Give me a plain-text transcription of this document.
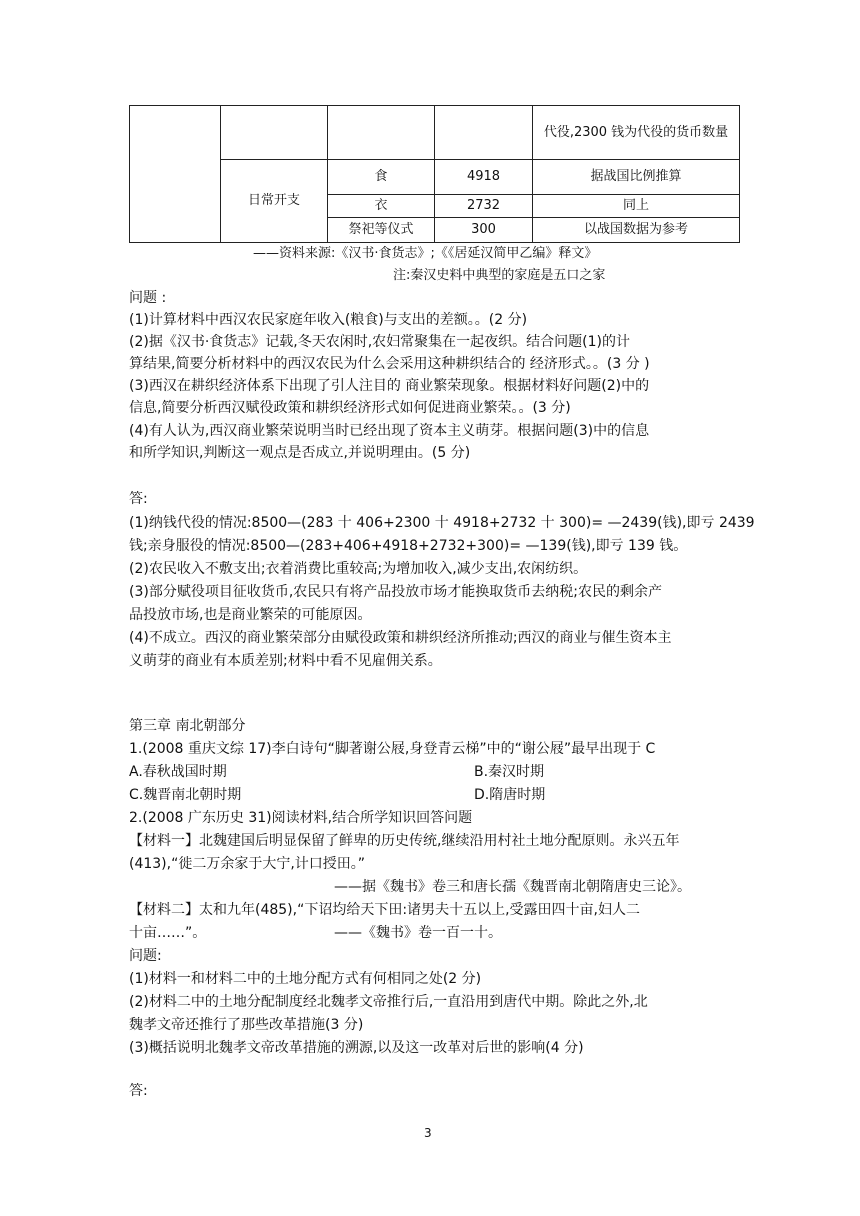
				代役,2300 钱为代役的货币数量
	日常开支	食	4918	据战国比例推算
		衣	2732	同上
		祭祀等仪式	300	以战国数据为参考
——资料来源:《汉书·食货志》;《《居延汉简甲乙编》释文》
注:秦汉史料中典型的家庭是五口之家
问题 :
(1)计算材料中西汉农民家庭年收入(粮食)与支出的差额。。(2 分)
(2)据《汉书·食货志》记载,冬天农闲时,农妇常聚集在一起夜织。结合问题(1)的计
算结果,简要分析材料中的西汉农民为什么会采用这种耕织结合的 经济形式。。(3 分 )
(3)西汉在耕织经济体系下出现了引人注目的 商业繁荣现象。根据材料好问题(2)中的
信息,简要分析西汉赋役政策和耕织经济形式如何促进商业繁荣。。(3 分)
(4)有人认为,西汉商业繁荣说明当时已经出现了资本主义萌芽。根据问题(3)中的信息
和所学知识,判断这一观点是否成立,并说明理由。(5 分)
答:
(1)纳钱代役的情况:8500—(283 十 406+2300 十 4918+2732 十 300)= —2439(钱),即亏 2439
钱;亲身服役的情况:8500—(283+406+4918+2732+300)= —139(钱),即亏 139 钱。
(2)农民收入不敷支出;衣着消费比重较高;为增加收入,减少支出,农闲纺织。
(3)部分赋役项目征收货币,农民只有将产品投放市场才能换取货币去纳税;农民的剩余产
品投放市场,也是商业繁荣的可能原因。
(4)不成立。西汉的商业繁荣部分由赋役政策和耕织经济所推动;西汉的商业与催生资本主
义萌芽的商业有本质差别;材料中看不见雇佣关系。
第三章 南北朝部分
1.(2008 重庆文综 17)李白诗句“脚著谢公屐,身登青云梯”中的“谢公屐”最早出现于 C
A.春秋战国时期	B.秦汉时期
C.魏晋南北朝时期	D.隋唐时期
2.(2008 广东历史 31)阅读材料,结合所学知识回答问题
【材料一】北魏建国后明显保留了鲜卑的历史传统,继续沿用村社土地分配原则。永兴五年
(413),“徙二万余家于大宁,计口授田。”
——据《魏书》卷三和唐长孺《魏晋南北朝隋唐史三论》。
【材料二】太和九年(485),“下诏均给天下田:诸男夫十五以上,受露田四十亩,妇人二
十亩……”。	——《魏书》卷一百一十。
问题:
(1)材料一和材料二中的土地分配方式有何相同之处(2 分)
(2)材料二中的土地分配制度经北魏孝文帝推行后,一直沿用到唐代中期。除此之外,北
魏孝文帝还推行了那些改革措施(3 分)
(3)概括说明北魏孝文帝改革措施的溯源,以及这一改革对后世的影响(4 分)
答:
3
